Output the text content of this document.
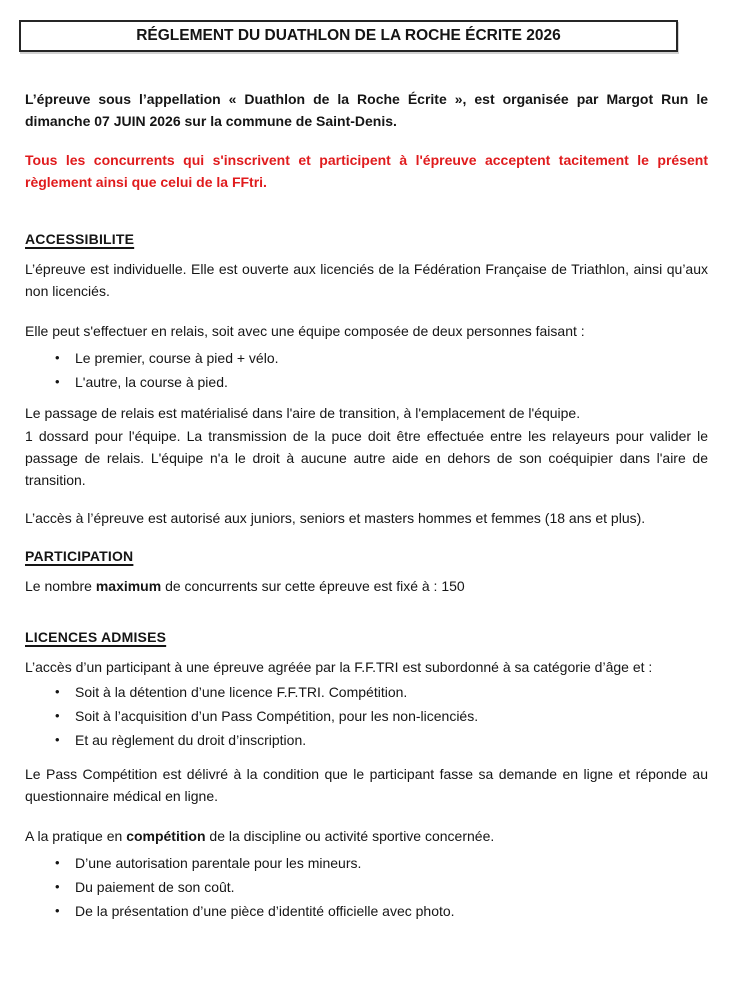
RÉGLEMENT DU DUATHLON DE LA ROCHE ÉCRITE 2026

L’épreuve sous l’appellation « Duathlon de la Roche Écrite », est organisée par Margot Run le dimanche 07 JUIN 2026 sur la commune de Saint-Denis.

Tous les concurrents qui s'inscrivent et participent à l'épreuve acceptent tacitement le présent règlement ainsi que celui de la FFtri.

ACCESSIBILITE

L’épreuve est individuelle. Elle est ouverte aux licenciés de la Fédération Française de Triathlon, ainsi qu’aux non licenciés.

Elle peut s'effectuer en relais, soit avec une équipe composée de deux personnes faisant :

•	Le premier, course à pied + vélo.
•	L'autre, la course à pied.

Le passage de relais est matérialisé dans l'aire de transition, à l'emplacement de l'équipe.

1 dossard pour l'équipe. La transmission de la puce doit être effectuée entre les relayeurs pour valider le passage de relais. L'équipe n'a le droit à aucune autre aide en dehors de son coéquipier dans l'aire de transition.

L’accès à l’épreuve est autorisé aux juniors, seniors et masters hommes et femmes (18 ans et plus).

PARTICIPATION

Le nombre maximum de concurrents sur cette épreuve est fixé à : 150

LICENCES ADMISES

L’accès d’un participant à une épreuve agréée par la F.F.TRI est subordonné à sa catégorie d’âge et :

•	Soit à la détention d’une licence F.F.TRI. Compétition.
•	Soit à l’acquisition d’un Pass Compétition, pour les non-licenciés.
•	Et au règlement du droit d’inscription.

Le Pass Compétition est délivré à la condition que le participant fasse sa demande en ligne et réponde au questionnaire médical en ligne.

A la pratique en compétition de la discipline ou activité sportive concernée.

•	D’une autorisation parentale pour les mineurs.
•	Du paiement de son coût.
•	De la présentation d’une pièce d’identité officielle avec photo.
